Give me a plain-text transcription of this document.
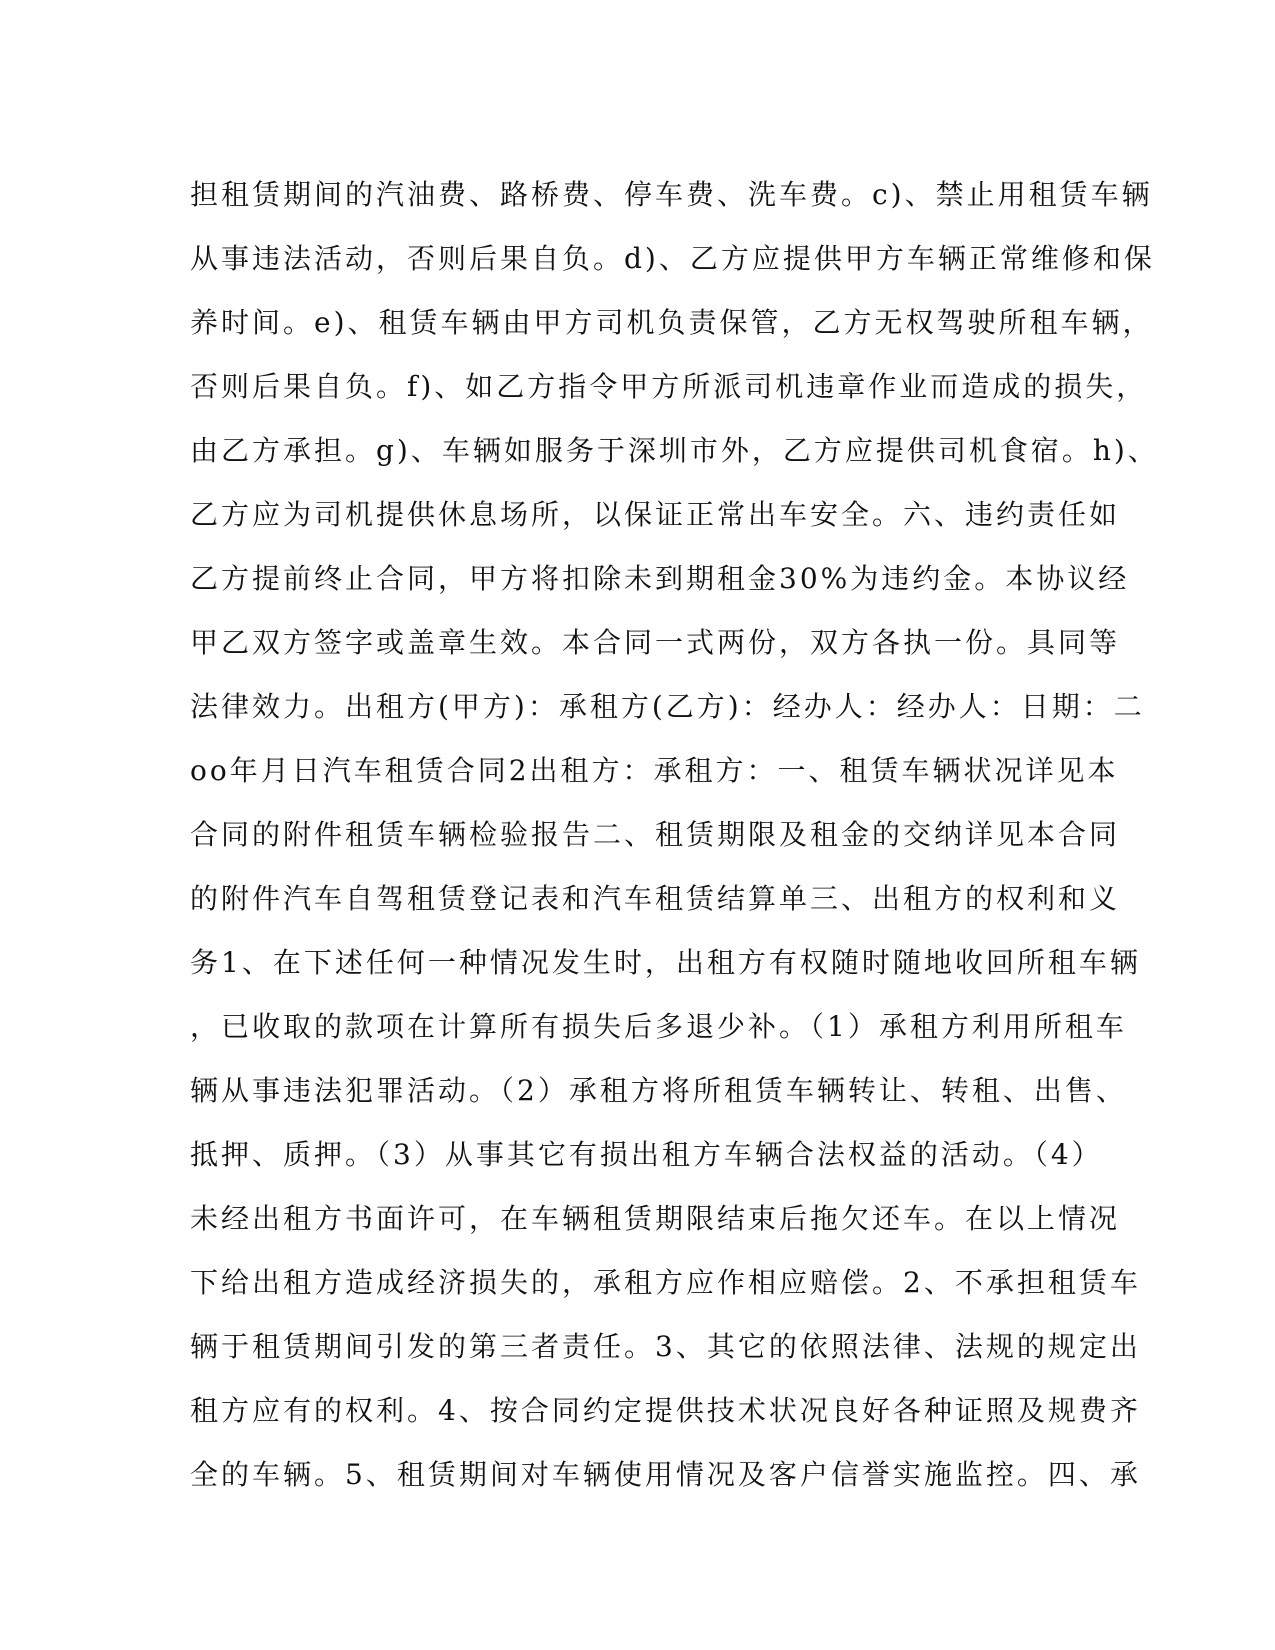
担租赁期间的汽油费、路桥费、停车费、洗车费。c)、禁止用租赁车辆
从事违法活动，否则后果自负。d)、乙方应提供甲方车辆正常维修和保
养时间。e)、租赁车辆由甲方司机负责保管，乙方无权驾驶所租车辆，
否则后果自负。f)、如乙方指令甲方所派司机违章作业而造成的损失，
由乙方承担。g)、车辆如服务于深圳市外，乙方应提供司机食宿。h)、
乙方应为司机提供休息场所，以保证正常出车安全。六、违约责任如
乙方提前终止合同，甲方将扣除未到期租金30%为违约金。本协议经
甲乙双方签字或盖章生效。本合同一式两份，双方各执一份。具同等
法律效力。出租方(甲方)：承租方(乙方)：经办人：经办人：日期：二
oo年月日汽车租赁合同2出租方：承租方：一、租赁车辆状况详见本
合同的附件租赁车辆检验报告二、租赁期限及租金的交纳详见本合同
的附件汽车自驾租赁登记表和汽车租赁结算单三、出租方的权利和义
务1、在下述任何一种情况发生时，出租方有权随时随地收回所租车辆
，已收取的款项在计算所有损失后多退少补。（1）承租方利用所租车
辆从事违法犯罪活动。（2）承租方将所租赁车辆转让、转租、出售、
抵押、质押。（3）从事其它有损出租方车辆合法权益的活动。（4）
未经出租方书面许可，在车辆租赁期限结束后拖欠还车。在以上情况
下给出租方造成经济损失的，承租方应作相应赔偿。2、不承担租赁车
辆于租赁期间引发的第三者责任。3、其它的依照法律、法规的规定出
租方应有的权利。4、按合同约定提供技术状况良好各种证照及规费齐
全的车辆。5、租赁期间对车辆使用情况及客户信誉实施监控。四、承
